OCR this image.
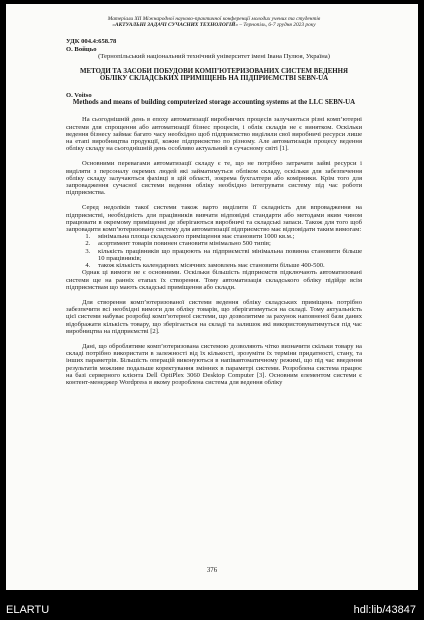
Матеріали XII Міжнародної науково-практичної конференції молодих учених та студентів
«АКТУАЛЬНІ ЗАДАЧІ СУЧАСНИХ ТЕХНОЛОГІЙ» – Тернопіль, 6-7 грудня 2023 року
УДК 004.4:658.78
О. Войцьо
(Тернопільський національний технічний університет імені Івана Пулюя, Україна)
МЕТОДИ ТА ЗАСОБИ ПОБУДОВИ КОМП’ЮТЕРИЗОВАНИХ СИСТЕМ ВЕДЕННЯ ОБЛІКУ СКЛАДСЬКИХ ПРИМІЩЕНЬ НА ПІДПРИЄМСТВІ SEBN-UA
O. Voitso
Methods and means of building computerized storage accounting systems at the LLC SEBN-UA

На сьогоднішній день в епоху автоматизації виробничих процесів залучаються різні комп’ютерні системи для спрощення або автоматизації бізнес процесів, і облік складів не є винятком. Оскільки ведення бізнесу займає багато часу необхідно щоб підприємство виділяли свої виробничі ресурси лише на етапі виробництва продукції, кожне підприємство по різному. Але автоматизація процесу ведення обліку складу на сьогоднішній день особливо актуальний в сучасному світі [1].

Основними перевагами автоматизації складу є те, що не потрібно затрачати зайві ресурси і виділяти з персоналу окремих людей які займатимуться обліком складу, оскільки для забезпечення обліку складу залучаються фахівці в цій області, зокрема бухгалтери або комірники. Крім того для запровадження сучасної системи ведення обліку необхідно інтегрувати систему під час роботи підприємства.

Серед недоліків такої системи також варто виділити її складність для впровадження на підприємстві, необхідність для працівників вивчати відповідні стандарти або методами яким чином працювати в окремому приміщенні де зберігаються виробничі та складські запаси. Також для того щоб запровадити комп’ютеризовану систему для автоматизації підприємство має відповідати таким вимогам:

1. мінімальна площа складського приміщення має становити 1000 кв.м.;
2. асортимент товарів повинен становити мінімально 500 типів;
3. кількість працівників що працюють на підприємстві мінімальна повинна становити більше 10 працівників;
4. також кількість календарних місячних замовлень має становити більше 400-500.

Однак ці вимоги не є основними. Оскільки більшість підприємств підключають автоматизовані системи ще на ранніх етапах їх створення. Тому автоматизація складського обліку підійде всім підприємствам що мають складські приміщення або склади.

Для створення комп’ютеризованої системи ведення обліку складських приміщень потрібно забезпечити всі необхідні вимоги для обліку товарів, що зберігатимуться на складі. Тому актуальність цієї системи набуває розробці комп’ютерної системи, що дозволятиме за рахунок наповненої бази даних відображати кількість товару, що зберігається на складі та залишок які використовуватимуться під час виробництва на підприємстві [2].

Дані, що оброблятиме комп’ютеризована системою дозволяють чітко визначити скільки товару на складі потрібно використати в залежності від їх кількості, зрозуміти їх терміни придатності, стану, та інших параметрів. Більшість операцій виконуються в напівавтоматичному режимі, що під час введення результатів можливе подальше коректування змінних в параметрі системи. Розроблена система працює на базі серверного клієнта Dell OptiPlex 3060 Desktop Computer [3]. Основним елементом системи є контент-менеджер Wordpress в якому розроблена система для ведення обліку

376
ELARTU	hdl:lib/43847
